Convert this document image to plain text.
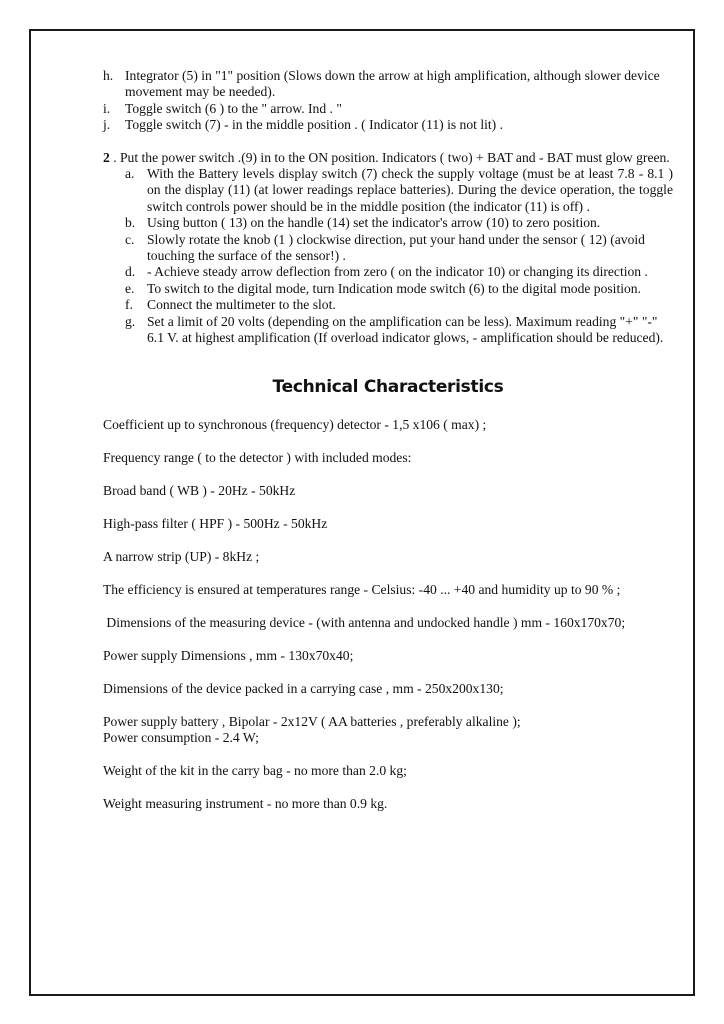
h. Integrator (5) in "1" position (Slows down the arrow at high amplification, although slower device movement may be needed).
i. Toggle switch (6 ) to the " arrow. Ind . "
j. Toggle switch (7) - in the middle position . ( Indicator (11) is not lit) .

2 . Put the power switch .(9) in to the ON position. Indicators ( two) + BAT and - BAT must glow green.

a. With the Battery levels display switch (7) check the supply voltage (must be at least 7.8 - 8.1 ) on the display (11) (at lower readings replace batteries). During the device operation, the toggle switch controls power should be in the middle position (the indicator (11) is off) .
b. Using button ( 13) on the handle (14) set the indicator's arrow (10) to zero position.
c. Slowly rotate the knob (1 ) clockwise direction, put your hand under the sensor ( 12) (avoid touching the surface of the sensor!) .
d. - Achieve steady arrow deflection from zero ( on the indicator 10) or changing its direction .
e. To switch to the digital mode, turn Indication mode switch (6) to the digital mode position.
f. Connect the multimeter to the slot.
g. Set a limit of 20 volts (depending on the amplification can be less). Maximum reading "+" "-" 6.1 V. at highest amplification (If overload indicator glows, - amplification should be reduced).
Technical Characteristics

Coefficient up to synchronous (frequency) detector - 1,5 x106 ( max) ;

Frequency range ( to the detector ) with included modes:

Broad band ( WB ) - 20Hz - 50kHz

High-pass filter ( HPF ) - 500Hz - 50kHz

A narrow strip (UP) - 8kHz ;

The efficiency is ensured at temperatures range - Celsius: -40 ... +40 and humidity up to 90 % ;

Dimensions of the measuring device - (with antenna and undocked handle ) mm - 160x170x70;

Power supply Dimensions , mm - 130x70x40;

Dimensions of the device packed in a carrying case , mm - 250x200x130;

Power supply battery , Bipolar - 2x12V ( AA batteries , preferably alkaline );

Power consumption - 2.4 W;

Weight of the kit in the carry bag - no more than 2.0 kg;

Weight measuring instrument - no more than 0.9 kg.
